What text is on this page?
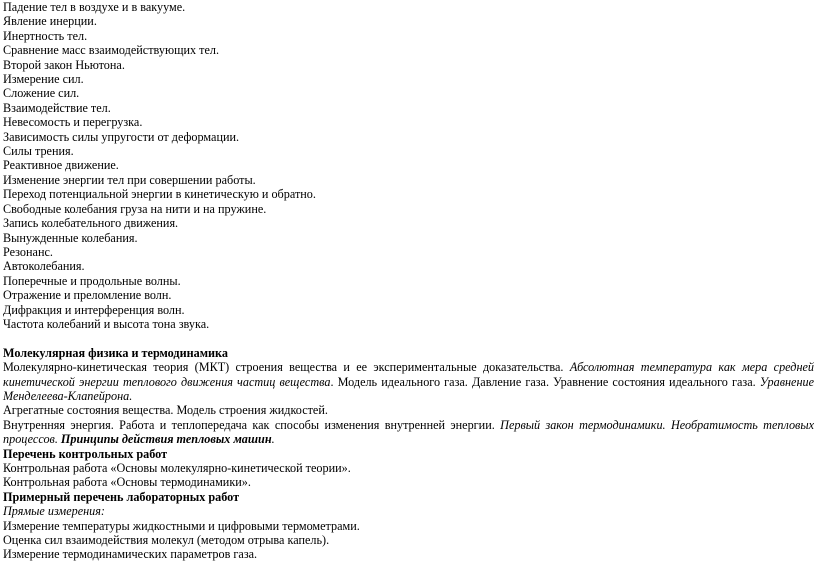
Падение тел в воздухе и в вакууме.
Явление инерции.
Инертность тел.
Сравнение масс взаимодействующих тел.
Второй закон Ньютона.
Измерение сил.
Сложение сил.
Взаимодействие тел.
Невесомость и перегрузка.
Зависимость силы упругости от деформации.
Силы трения.
Реактивное движение.
Изменение энергии тел при совершении работы.
Переход потенциальной энергии в кинетическую и обратно.
Свободные колебания груза на нити и на пружине.
Запись колебательного движения.
Вынужденные колебания.
Резонанс.
Автоколебания.
Поперечные и продольные волны.
Отражение и преломление волн.
Дифракция и интерференция волн.
Частота колебаний и высота тона звука.
Молекулярная физика и термодинамика
Молекулярно-кинетическая теория (МКТ) строения вещества и ее экспериментальные доказательства. Абсолютная температура как мера средней кинетической энергии теплового движения частиц вещества. Модель идеального газа. Давление газа. Уравнение состояния идеального газа. Уравнение Менделеева-Клапейрона.
Агрегатные состояния вещества. Модель строения жидкостей.
Внутренняя энергия. Работа и теплопередача как способы изменения внутренней энергии. Первый закон термодинамики. Необратимость тепловых процессов. Принципы действия тепловых машин.
Перечень контрольных работ
Контрольная работа «Основы молекулярно-кинетической теории».
Контрольная работа «Основы термодинамики».
Примерный перечень лабораторных работ
Прямые измерения:
Измерение температуры жидкостными и цифровыми термометрами.
Оценка сил взаимодействия молекул (методом отрыва капель).
Измерение термодинамических параметров газа.
